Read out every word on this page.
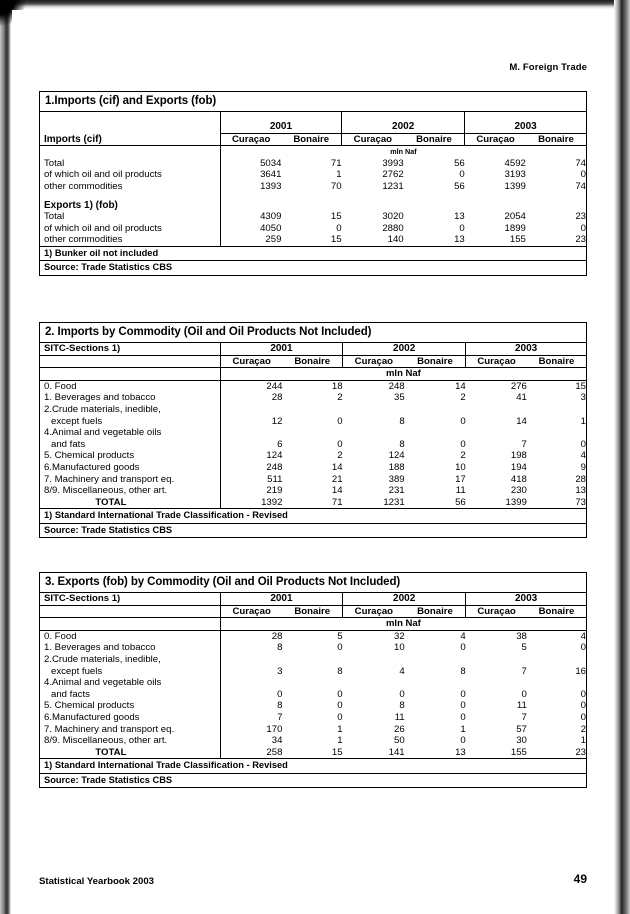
M. Foreign Trade
1.Imports (cif) and Exports (fob)

	2001		2002		2003	
Imports (cif)	Curaçao	Bonaire	Curaçao	Bonaire	Curaçao	Bonaire
	mln Naf					
Total	5034	71	3993	56	4592	74
of which oil and oil products	3641	1	2762	0	3193	0
other commodities	1393	70	1231	56	1399	74

Exports 1) (fob)						
Total	4309	15	3020	13	2054	23
of which oil and oil products	4050	0	2880	0	1899	0
other commodities	259	15	140	13	155	23
1) Bunker oil not included
Source: Trade Statistics CBS
2. Imports by Commodity (Oil and Oil Products Not Included)
SITC-Sections 1)	2001		2002		2003	
	Curaçao	Bonaire	Curaçao	Bonaire	Curaçao	Bonaire
	mln Naf					
0. Food	244	18	248	14	276	15
1. Beverages and tobacco	28	2	35	2	41	3
2.Crude materials, inedible,						
except fuels	12	0	8	0	14	1
4.Animal and vegetable oils						
and fats	6	0	8	0	7	0
5. Chemical products	124	2	124	2	198	4
6.Manufactured goods	248	14	188	10	194	9
7. Machinery and transport eq.	511	21	389	17	418	28
8/9. Miscellaneous, other art.	219	14	231	11	230	13
TOTAL	1392	71	1231	56	1399	73
1) Standard International Trade Classification - Revised
Source: Trade Statistics CBS
3. Exports (fob) by Commodity (Oil and Oil Products Not Included)
SITC-Sections 1)	2001		2002		2003	
	Curaçao	Bonaire	Curaçao	Bonaire	Curaçao	Bonaire
	mln Naf					
0. Food	28	5	32	4	38	4
1. Beverages and tobacco	8	0	10	0	5	0
2.Crude materials, inedible,						
except fuels	3	8	4	8	7	16
4.Animal and vegetable oils						
and facts	0	0	0	0	0	0
5. Chemical products	8	0	8	0	11	0
6.Manufactured goods	7	0	11	0	7	0
7. Machinery and transport eq.	170	1	26	1	57	2
8/9. Miscellaneous, other art.	34	1	50	0	30	1
TOTAL	258	15	141	13	155	23
1) Standard International Trade Classification - Revised
Source: Trade Statistics CBS
Statistical Yearbook 2003	49
